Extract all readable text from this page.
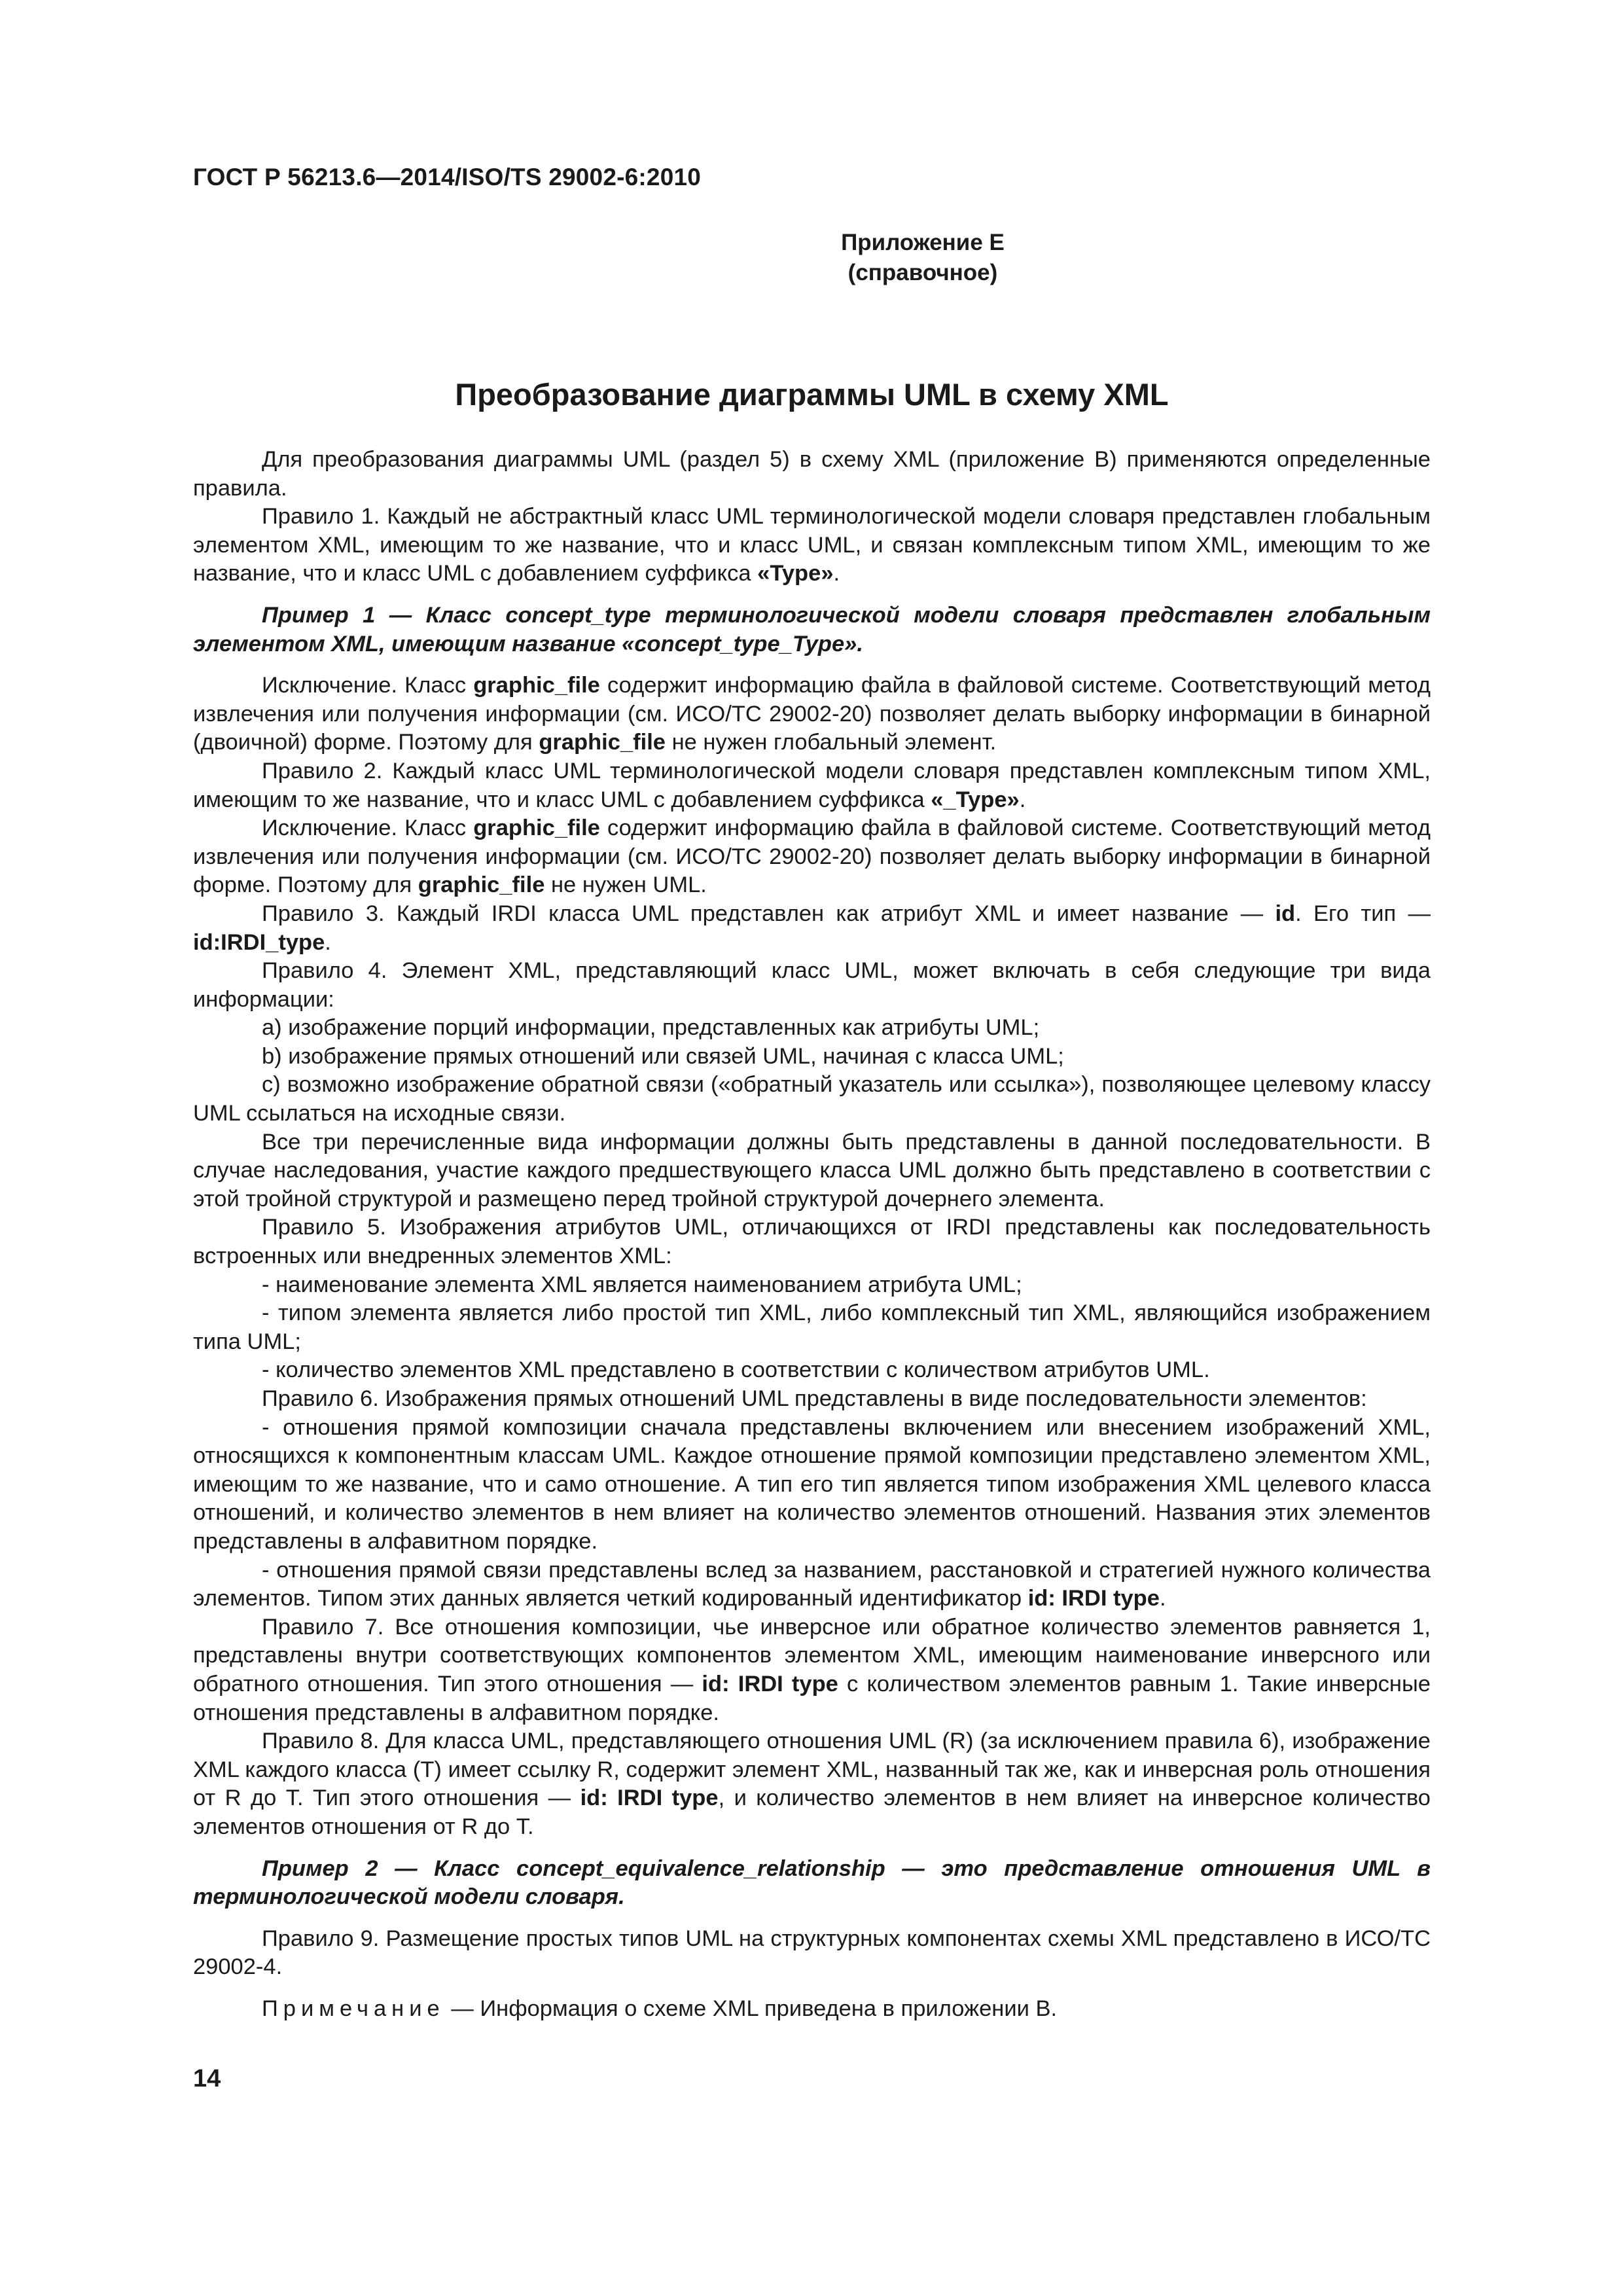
ГОСТ Р 56213.6—2014/ISO/TS 29002-6:2010
Приложение Е
(справочное)
Преобразование диаграммы UML в схему XML

Для преобразования диаграммы UML (раздел 5) в схему XML (приложение В) применяются определенные правила.

Правило 1. Каждый не абстрактный класс UML терминологической модели словаря представлен глобальным элементом XML, имеющим то же название, что и класс UML, и связан комплексным типом XML, имеющим то же название, что и класс UML с добавлением суффикса «Type».

Пример 1 — Класс concept_type терминологической модели словаря представлен глобальным элементом XML, имеющим название «concept_type_Type».

Исключение. Класс graphic_file содержит информацию файла в файловой системе. Соответствующий метод извлечения или получения информации (см. ИСО/ТС 29002-20) позволяет делать выборку информации в бинарной (двоичной) форме. Поэтому для graphic_file не нужен глобальный элемент.

Правило 2. Каждый класс UML терминологической модели словаря представлен комплексным типом XML, имеющим то же название, что и класс UML с добавлением суффикса «_Type».

Исключение. Класс graphic_file содержит информацию файла в файловой системе. Соответствующий метод извлечения или получения информации (см. ИСО/ТС 29002-20) позволяет делать выборку информации в бинарной форме. Поэтому для graphic_file не нужен UML.

Правило 3. Каждый IRDI класса UML представлен как атрибут XML и имеет название — id. Его тип — id:IRDI_type.

Правило 4. Элемент XML, представляющий класс UML, может включать в себя следующие три вида информации:

a) изображение порций информации, представленных как атрибуты UML;

b) изображение прямых отношений или связей UML, начиная с класса UML;

c) возможно изображение обратной связи («обратный указатель или ссылка»), позволяющее целевому классу UML ссылаться на исходные связи.

Все три перечисленные вида информации должны быть представлены в данной последовательности. В случае наследования, участие каждого предшествующего класса UML должно быть представлено в соответствии с этой тройной структурой и размещено перед тройной структурой дочернего элемента.

Правило 5. Изображения атрибутов UML, отличающихся от IRDI представлены как последовательность встроенных или внедренных элементов XML:

- наименование элемента XML является наименованием атрибута UML;

- типом элемента является либо простой тип XML, либо комплексный тип XML, являющийся изображением типа UML;

- количество элементов XML представлено в соответствии с количеством атрибутов UML.

Правило 6. Изображения прямых отношений UML представлены в виде последовательности элементов:

- отношения прямой композиции сначала представлены включением или внесением изображений XML, относящихся к компонентным классам UML. Каждое отношение прямой композиции представлено элементом XML, имеющим то же название, что и само отношение. А тип его тип является типом изображения XML целевого класса отношений, и количество элементов в нем влияет на количество элементов отношений. Названия этих элементов представлены в алфавитном порядке.

- отношения прямой связи представлены вслед за названием, расстановкой и стратегией нужного количества элементов. Типом этих данных является четкий кодированный идентификатор id: IRDI type.

Правило 7. Все отношения композиции, чье инверсное или обратное количество элементов равняется 1, представлены внутри соответствующих компонентов элементом XML, имеющим наименование инверсного или обратного отношения. Тип этого отношения — id: IRDI type с количеством элементов равным 1. Такие инверсные отношения представлены в алфавитном порядке.

Правило 8. Для класса UML, представляющего отношения UML (R) (за исключением правила 6), изображение XML каждого класса (T) имеет ссылку R, содержит элемент XML, названный так же, как и инверсная роль отношения от R до T. Тип этого отношения — id: IRDI type, и количество элементов в нем влияет на инверсное количество элементов отношения от R до T.

Пример 2 — Класс concept_equivalence_relationship — это представление отношения UML в терминологической модели словаря.

Правило 9. Размещение простых типов UML на структурных компонентах схемы XML представлено в ИСО/ТС 29002-4.

Примечание — Информация о схеме XML приведена в приложении В.

14
